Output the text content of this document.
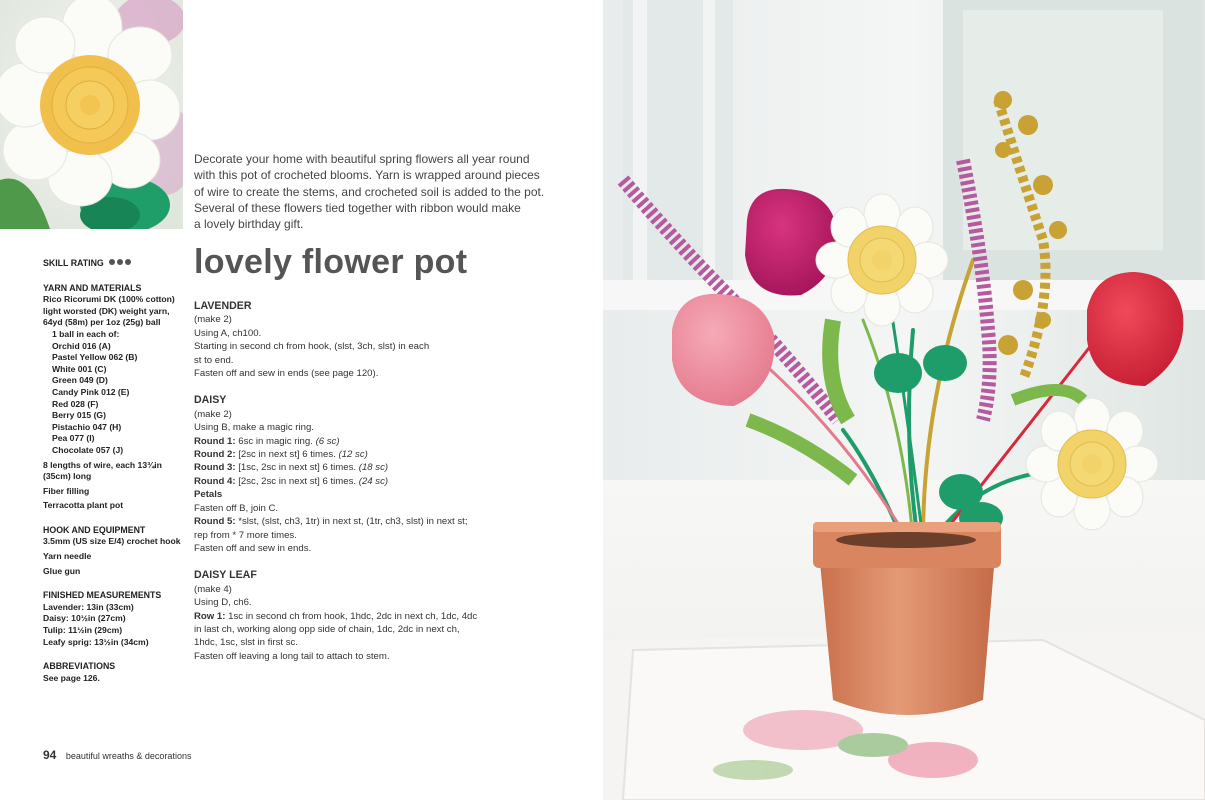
Decorate your home with beautiful spring flowers all year round
with this pot of crocheted blooms. Yarn is wrapped around pieces
of wire to create the stems, and crocheted soil is added to the pot.
Several of these flowers tied together with ribbon would make
a lovely birthday gift.
lovely flower pot
SKILL RATING
YARN AND MATERIALS
Rico Ricorumi DK (100% cotton)
light worsted (DK) weight yarn,
64yd (58m) per 1oz (25g) ball
1 ball in each of:
Orchid 016 (A)
Pastel Yellow 062 (B)
White 001 (C)
Green 049 (D)
Candy Pink 012 (E)
Red 028 (F)
Berry 015 (G)
Pistachio 047 (H)
Pea 077 (I)
Chocolate 057 (J)
8 lengths of wire, each 13¾in
(35cm) long
Fiber filling
Terracotta plant pot
HOOK AND EQUIPMENT
3.5mm (US size E/4) crochet hook
Yarn needle
Glue gun
FINISHED MEASUREMENTS
Lavender: 13in (33cm)
Daisy: 10½in (27cm)
Tulip: 11½in (29cm)
Leafy sprig: 13½in (34cm)
ABBREVIATIONS
See page 126.
LAVENDER
(make 2)
Using A, ch100.
Starting in second ch from hook, (slst, 3ch, slst) in each
st to end.
Fasten off and sew in ends (see page 120).
DAISY
(make 2)
Using B, make a magic ring.
Round 1: 6sc in magic ring. (6 sc)
Round 2: [2sc in next st] 6 times. (12 sc)
Round 3: [1sc, 2sc in next st] 6 times. (18 sc)
Round 4: [2sc, 2sc in next st] 6 times. (24 sc)
Petals
Fasten off B, join C.
Round 5: *slst, (slst, ch3, 1tr) in next st, (1tr, ch3, slst) in next st;
rep from * 7 more times.
Fasten off and sew in ends.
DAISY LEAF
(make 4)
Using D, ch6.
Row 1: 1sc in second ch from hook, 1hdc, 2dc in next ch, 1dc, 4dc
in last ch, working along opp side of chain, 1dc, 2dc in next ch,
1hdc, 1sc, slst in first sc.
Fasten off leaving a long tail to attach to stem.
94 beautiful wreaths & decorations
